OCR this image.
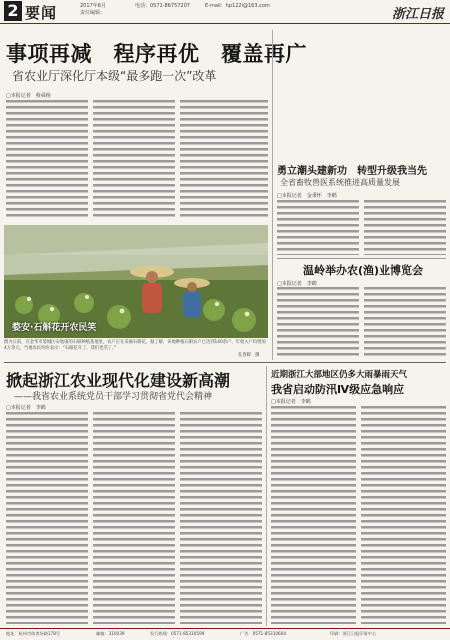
2 要闻	2017年6月
责任编辑：
电话：0571-86757207	E-mail：hp122i@163.com
浙江日报
事项再减　程序再优　覆盖再广
省农业厅深化厅本级“最多跑一次”改革
□本报记者　蔡舜杨
婺安·石斛花开农民笑
图为日前，在金华市婺城区安地镇的石斛种植基地里，农户正在采摘石斛花。据了解，该地种植石斛农户已达到140余户，年收入户均增加4万余元。当地农民纷纷表示：“石斛花开了，我们也笑了。”
孔春晖　摄
勇立潮头建新功　转型升级我当先
全省畜牧兽医系统推进高质量发展
□本报记者　金秉怀　李鹤
温岭举办农(渔)业博览会
□本报记者　李鹤
掀起浙江农业现代化建设新高潮
——我省农业系统党员干部学习贯彻省党代会精神
□本报记者　李鹤
近期浙江大部地区仍多大雨暴雨天气
我省启动防汛Ⅳ级应急响应
□本报记者　李鹤
地址：杭州市体育场路178号	邮编：310039	发行热线：0571-85310599	广告：0571-85310604	印刷：浙江日报印务中心
